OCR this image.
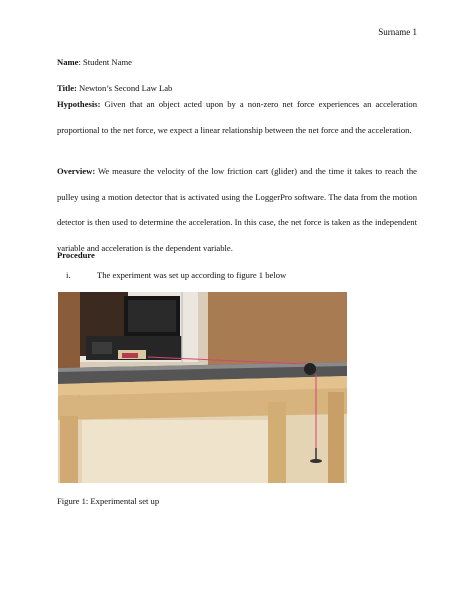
Surname 1
Name: Student Name
Title: Newton’s Second Law Lab
Hypothesis: Given that an object acted upon by a non-zero net force experiences an acceleration proportional to the net force, we expect a linear relationship between the net force and the acceleration.
Overview: We measure the velocity of the low friction cart (glider) and the time it takes to reach the pulley using a motion detector that is activated using the LoggerPro software. The data from the motion detector is then used to determine the acceleration. In this case, the net force is taken as the independent variable and acceleration is the dependent variable.
Procedure
i.	The experiment was set up according to figure 1 below
Figure 1: Experimental set up
